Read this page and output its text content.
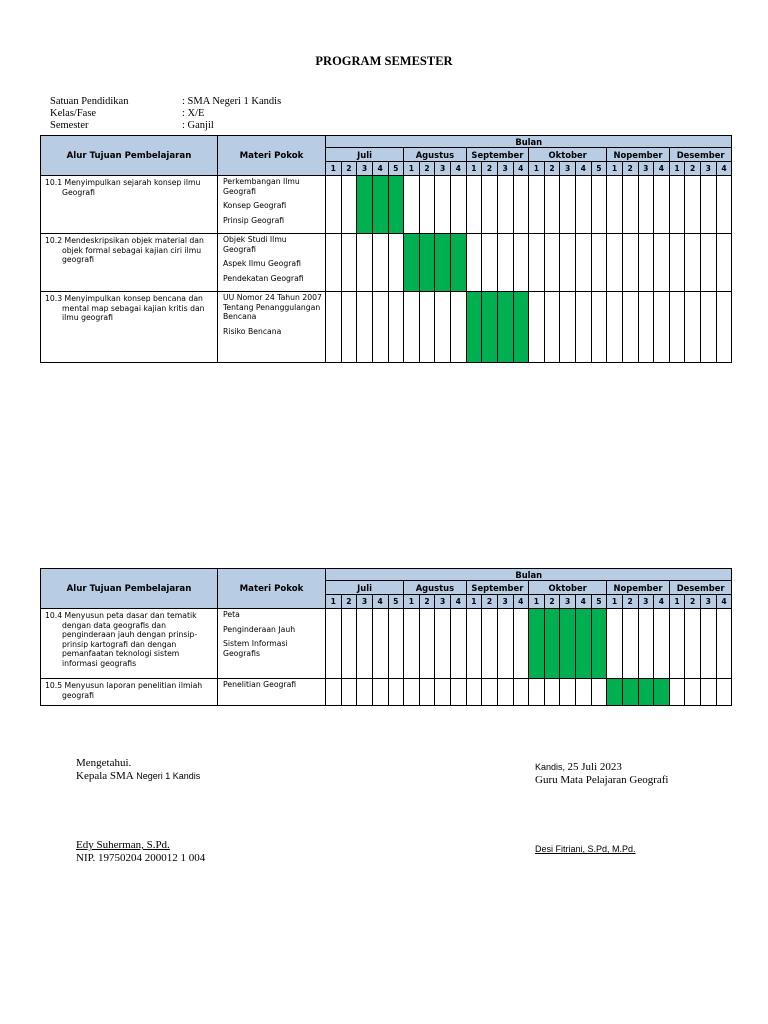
PROGRAM SEMESTER
Satuan Pendidikan	: SMA Negeri 1 Kandis
Kelas/Fase	: X/E
Semester	: Ganjil
Alur Tujuan Pembelajaran	Materi Pokok	Bulan																									
		Juli					Agustus				September				Oktober					Nopember				Desember			
		1	2	3	4	5	1	2	3	4	1	2	3	4	1	2	3	4	5	1	2	3	4	1	2	3	4

10.1 Menyimpulkan sejarah konsep ilmu Geografi	Perkembangan Ilmu Geografi
Konsep Geografi
Prinsip Geografi																										

10.2 Mendeskripsikan objek material dan objek formal sebagai kajian ciri ilmu geografi	Objek Studi Ilmu Geografi
Aspek Ilmu Geografi
Pendekatan Geografi																										

10.3 Menyimpulkan konsep bencana dan mental map sebagai kajian kritis dan ilmu geografi	UU Nomor 24 Tahun 2007 Tentang Penanggulangan Bencana
Risiko Bencana																										

Alur Tujuan Pembelajaran	Materi Pokok	Bulan																									
		Juli					Agustus				September				Oktober					Nopember				Desember			
		1	2	3	4	5	1	2	3	4	1	2	3	4	1	2	3	4	5	1	2	3	4	1	2	3	4

10.4 Menyusun peta dasar dan tematik dengan data geografis dan penginderaan jauh dengan prinsip-prinsip kartografi dan dengan pemanfaatan teknologi sistem informasi geografis	Peta
Penginderaan Jauh
Sistem Informasi Geografis																										

10.5 Menyusun laporan penelitian ilmiah geografi	Penelitian Geografi																										

Mengetahui.
Kepala SMA Negeri 1 Kandis
Edy Suherman, S.Pd.
NIP. 19750204 200012 1 004
Kandis, 25 Juli 2023
Guru Mata Pelajaran Geografi
Desi Fitriani, S.Pd, M.Pd.
